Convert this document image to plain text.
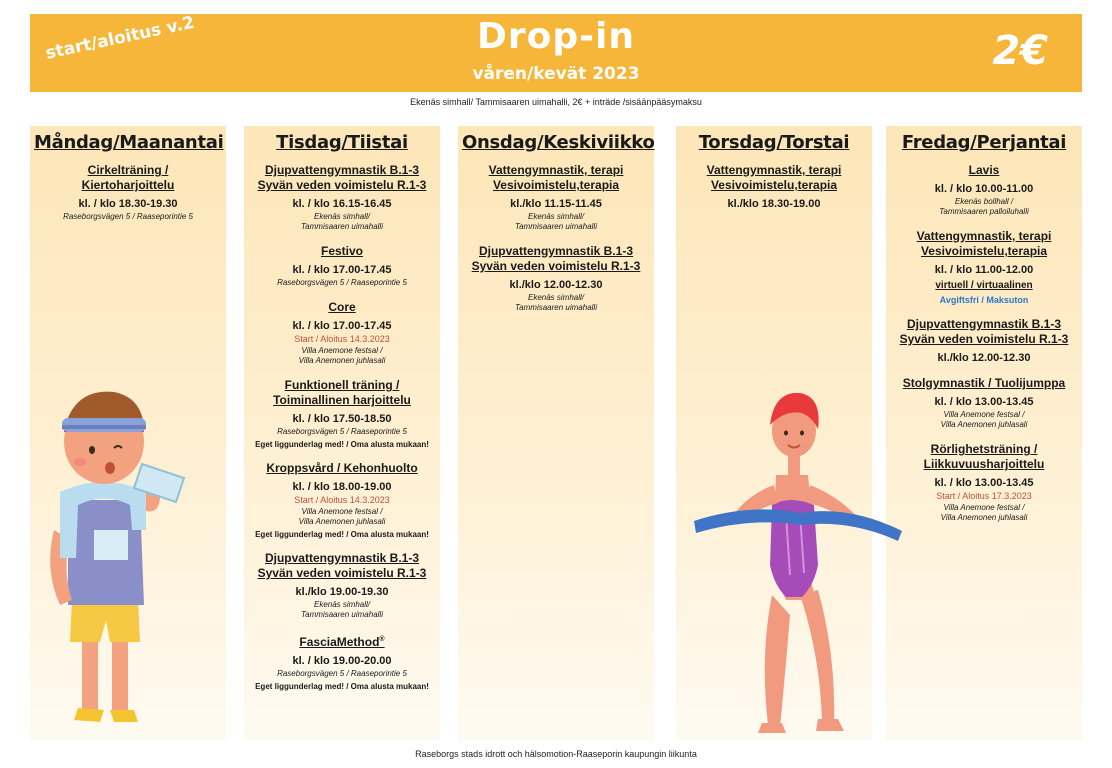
start/aloitus v.2	Drop-in
våren/kevät 2023	2€
Ekenäs simhall/ Tammisaaren uimahalli, 2€ + inträde /sisäänpääsymaksu
Måndag/Maanantai
Cirkelträning /
Kiertoharjoittelu
kl. / klo 18.30-19.30
Raseborgsvägen 5 / Raaseporintie 5
Tisdag/Tiistai
Djupvattengymnastik B.1-3
Syvän veden voimistelu R.1-3
kl. / klo 16.15-16.45
Ekenäs simhall/
Tammisaaren uimahalli
Festivo
kl. / klo 17.00-17.45
Raseborgsvägen 5 / Raaseporintie 5
Core
kl. / klo 17.00-17.45
Start / Aloitus 14.3.2023
Villa Anemone festsal /
Villa Anemonen juhlasali
Funktionell träning /
Toiminallinen harjoittelu
kl. / klo 17.50-18.50
Raseborgsvägen 5 / Raaseporintie 5
Eget liggunderlag med! / Oma alusta mukaan!
Kroppsvård / Kehonhuolto
kl. / klo 18.00-19.00
Start / Aloitus 14.3.2023
Villa Anemone festsal /
Villa Anemonen juhlasali
Eget liggunderlag med! / Oma alusta mukaan!
Djupvattengymnastik B.1-3
Syvän veden voimistelu R.1-3
kl./klo 19.00-19.30
Ekenäs simhall/
Tammisaaren uimahalli
FasciaMethod®
kl. / klo 19.00-20.00
Raseborgsvägen 5 / Raaseporintie 5
Eget liggunderlag med! / Oma alusta mukaan!
Onsdag/Keskiviikko
Vattengymnastik, terapi
Vesivoimistelu,terapia
kl./klo 11.15-11.45
Ekenäs simhall/
Tammisaaren uimahalli
Djupvattengymnastik B.1-3
Syvän veden voimistelu R.1-3
kl./klo 12.00-12.30
Ekenäs simhall/
Tammisaaren uimahalli
Torsdag/Torstai
Vattengymnastik, terapi
Vesivoimistelu,terapia
kl./klo 18.30-19.00
Fredag/Perjantai
Lavis
kl. / klo 10.00-11.00
Ekenäs bollhall /
Tammisaaren palloiluhalli
Vattengymnastik, terapi
Vesivoimistelu,terapia
kl. / klo 11.00-12.00
virtuell / virtuaalinen
Avgiftsfri / Maksuton
Djupvattengymnastik B.1-3
Syvän veden voimistelu R.1-3
kl./klo 12.00-12.30
Stolgymnastik / Tuolijumppa
kl. / klo 13.00-13.45
Villa Anemone festsal /
Villa Anemonen juhlasali
Rörlighetsträning /
Liikkuvuusharjoittelu
kl. / klo 13.00-13.45
Start / Aloitus 17.3.2023
Villa Anemone festsal /
Villa Anemonen juhlasali
Raseborgs stads idrott och hälsomotion-Raaseporin kaupungin liikunta
